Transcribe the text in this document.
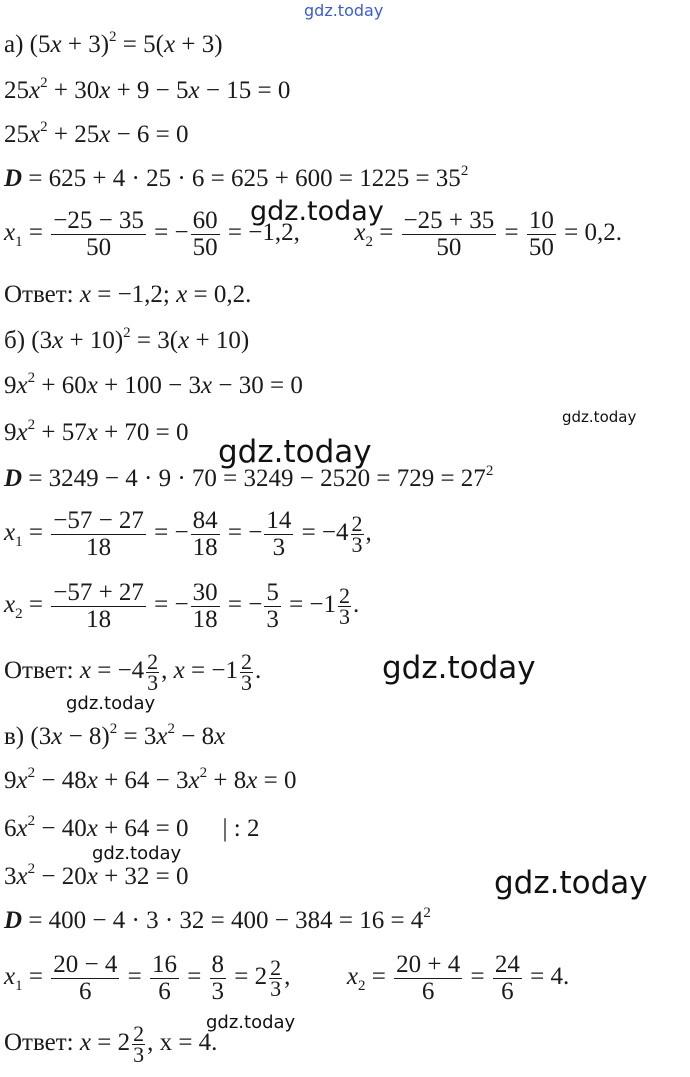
gdz.today
gdz.today
gdz.today
gdz.today
gdz.today
gdz.today
gdz.today
gdz.today
gdz.today
а) $(5x + 3)^2 = 5(x + 3)$
$25x^2 + 30x + 9 - 5x - 15 = 0$
$25x^2 + 25x - 6 = 0$
$D = 625 + 4 \cdot 25 \cdot 6 = 625 + 600 = 1225 = 35^2$
$x_1 = \frac{-25 - 35}{50}$ = − $\frac{60}{50} = -1,2$, $x_2 = \frac{-25 + 35}{50} = \frac{10}{50} = 0,2$.
Ответ: x = −1,2; x = 0,2.
б) $(3x + 10)^2 = 3(x + 10)$
$9x^2 + 60x + 100 - 3x - 30 = 0$
$9x^2 + 57x + 70 = 0$
$D = 3249 - 4 \cdot 9 \cdot 70 = 3249 - 2520 = 729 = 27^2$
$x_1 = \frac{-57 - 27}{18}$ = − $\frac{84}{18}$ = − $\frac{14}{3} = -4 \frac{2}{3}$ ,
$x_2 = \frac{-57 + 27}{18}$ = − $\frac{30}{18}$ = − $\frac{5}{3} = -1 \frac{2}{3}$ .
Ответ: $x = -4 \frac{2}{3}$ , $x = -1 \frac{2}{3}$ .
в) $(3x - 8)^2 = 3x^2 - 8x$
$9x^2 - 48x + 64 - 3x^2 + 8x = 0$
$6x^2 - 40x + 64 = 0$ | : 2
$3x^2 - 20x + 32 = 0$
$D = 400 - 4 \cdot 3 \cdot 32 = 400 - 384 = 16 = 4^2$
$x_1 = \frac{20 - 4}{6} = \frac{16}{6} = \frac{8}{3} = 2 \frac{2}{3}$ ,  $x_2 = \frac{20 + 4}{6} = \frac{24}{6} = 4$.
Ответ: $x = 2 \frac{2}{3}$ , x = 4.
